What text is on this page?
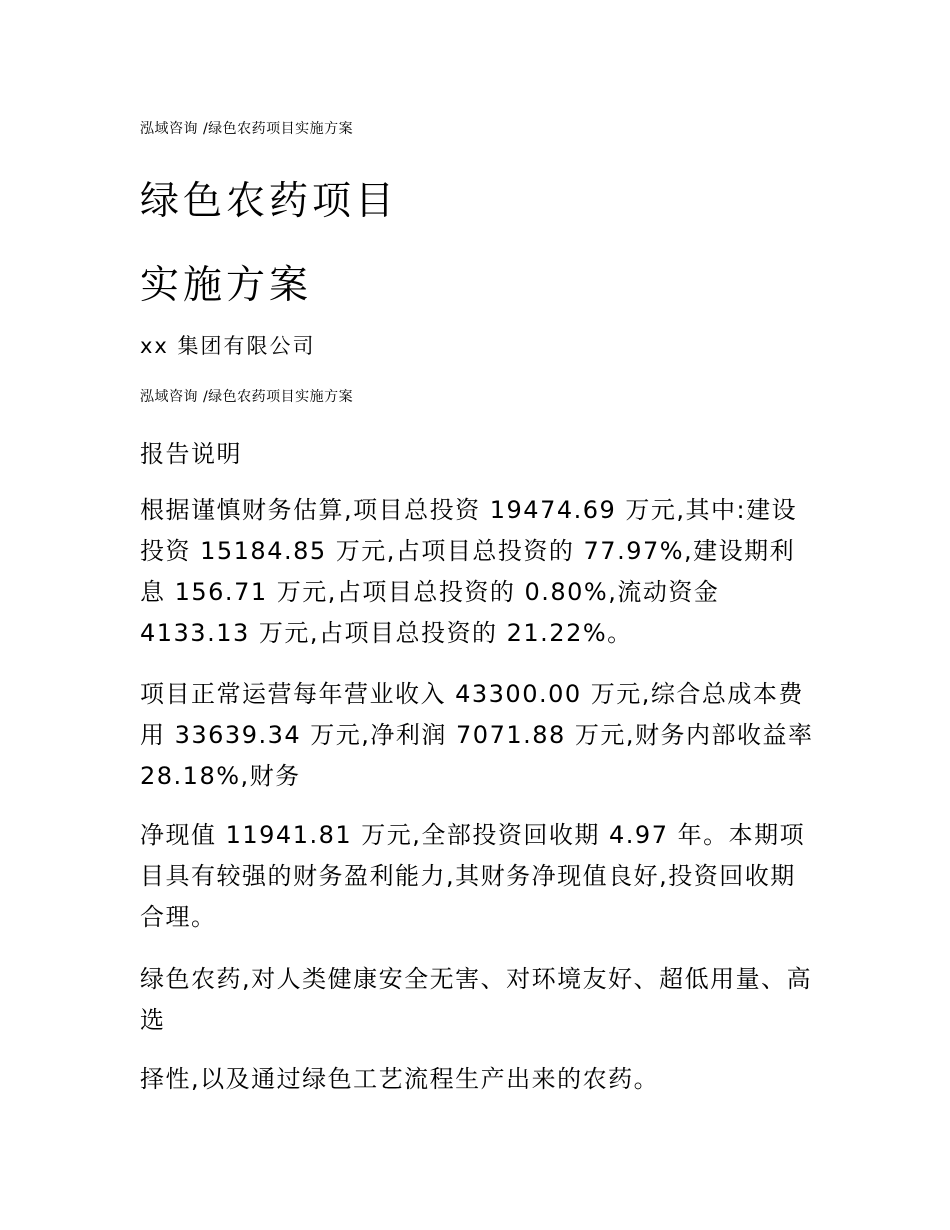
泓域咨询 /绿色农药项目实施方案
绿色农药项目
实施方案
xx 集团有限公司
泓域咨询 /绿色农药项目实施方案
报告说明

根据谨慎财务估算,项目总投资 19474.69 万元,其中:建设投资 15184.85 万元,占项目总投资的 77.97%,建设期利息 156.71 万元,占项目总投资的 0.80%,流动资金4133.13 万元,占项目总投资的 21.22%。

项目正常运营每年营业收入 43300.00 万元,综合总成本费用 33639.34 万元,净利润 7071.88 万元,财务内部收益率 28.18%,财务

净现值 11941.81 万元,全部投资回收期 4.97 年。本期项目具有较强的财务盈利能力,其财务净现值良好,投资回收期合理。

绿色农药,对人类健康安全无害、对环境友好、超低用量、高选

择性,以及通过绿色工艺流程生产出来的农药。
